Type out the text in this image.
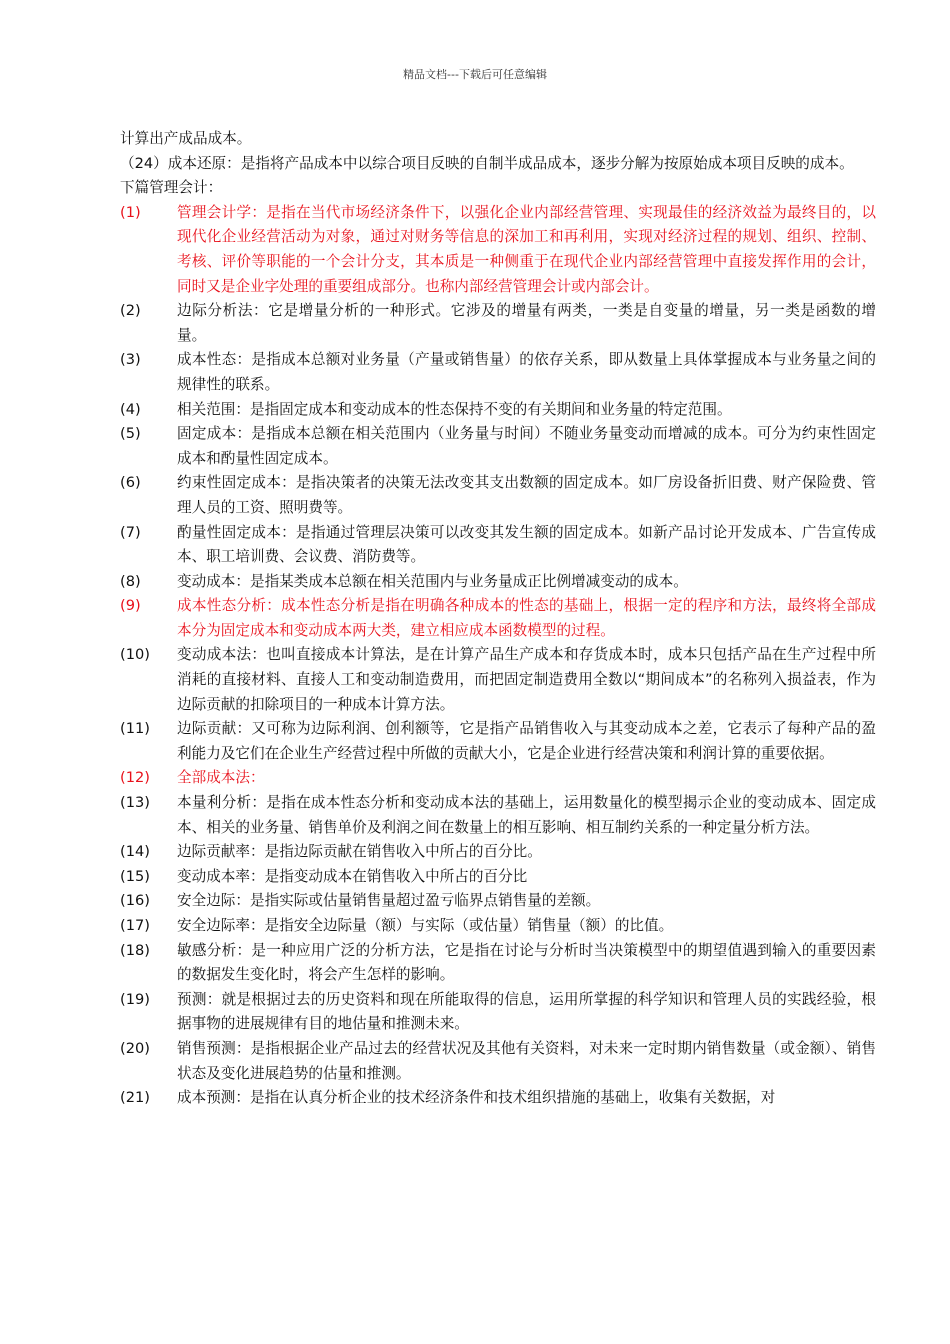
精品文档---下载后可任意编辑

计算出产成品成本。

（24）成本还原：是指将产品成本中以综合项目反映的自制半成品成本，逐步分解为按原始成本项目反映的成本。

下篇管理会计：

(1)	管理会计学：是指在当代市场经济条件下，以强化企业内部经营管理、实现最佳的经济效益为最终目的，以现代化企业经营活动为对象，通过对财务等信息的深加工和再利用，实现对经济过程的规划、组织、控制、考核、评价等职能的一个会计分支，其本质是一种侧重于在现代企业内部经营管理中直接发挥作用的会计，同时又是企业字处理的重要组成部分。也称内部经营管理会计或内部会计。
(2)	边际分析法：它是增量分析的一种形式。它涉及的增量有两类，一类是自变量的增量，另一类是函数的增量。
(3)	成本性态：是指成本总额对业务量（产量或销售量）的依存关系，即从数量上具体掌握成本与业务量之间的规律性的联系。
(4)	相关范围：是指固定成本和变动成本的性态保持不变的有关期间和业务量的特定范围。
(5)	固定成本：是指成本总额在相关范围内（业务量与时间）不随业务量变动而增减的成本。可分为约束性固定成本和酌量性固定成本。
(6)	约束性固定成本：是指决策者的决策无法改变其支出数额的固定成本。如厂房设备折旧费、财产保险费、管理人员的工资、照明费等。
(7)	酌量性固定成本：是指通过管理层决策可以改变其发生额的固定成本。如新产品讨论开发成本、广告宣传成本、职工培训费、会议费、消防费等。
(8)	变动成本：是指某类成本总额在相关范围内与业务量成正比例增减变动的成本。
(9)	成本性态分析：成本性态分析是指在明确各种成本的性态的基础上，根据一定的程序和方法，最终将全部成本分为固定成本和变动成本两大类，建立相应成本函数模型的过程。
(10)	变动成本法：也叫直接成本计算法，是在计算产品生产成本和存货成本时，成本只包括产品在生产过程中所消耗的直接材料、直接人工和变动制造费用，而把固定制造费用全数以“期间成本”的名称列入损益表，作为边际贡献的扣除项目的一种成本计算方法。
(11)	边际贡献：又可称为边际利润、创利额等，它是指产品销售收入与其变动成本之差，它表示了每种产品的盈利能力及它们在企业生产经营过程中所做的贡献大小，它是企业进行经营决策和利润计算的重要依据。
(12)	全部成本法：
(13)	本量利分析：是指在成本性态分析和变动成本法的基础上，运用数量化的模型揭示企业的变动成本、固定成本、相关的业务量、销售单价及利润之间在数量上的相互影响、相互制约关系的一种定量分析方法。
(14)	边际贡献率：是指边际贡献在销售收入中所占的百分比。
(15)	变动成本率：是指变动成本在销售收入中所占的百分比
(16)	安全边际：是指实际或估量销售量超过盈亏临界点销售量的差额。
(17)	安全边际率：是指安全边际量（额）与实际（或估量）销售量（额）的比值。
(18)	敏感分析：是一种应用广泛的分析方法，它是指在讨论与分析时当决策模型中的期望值遇到输入的重要因素的数据发生变化时，将会产生怎样的影响。
(19)	预测：就是根据过去的历史资料和现在所能取得的信息，运用所掌握的科学知识和管理人员的实践经验，根据事物的进展规律有目的地估量和推测未来。
(20)	销售预测：是指根据企业产品过去的经营状况及其他有关资料，对未来一定时期内销售数量（或金额）、销售状态及变化进展趋势的估量和推测。
(21)	成本预测：是指在认真分析企业的技术经济条件和技术组织措施的基础上，收集有关数据，对
